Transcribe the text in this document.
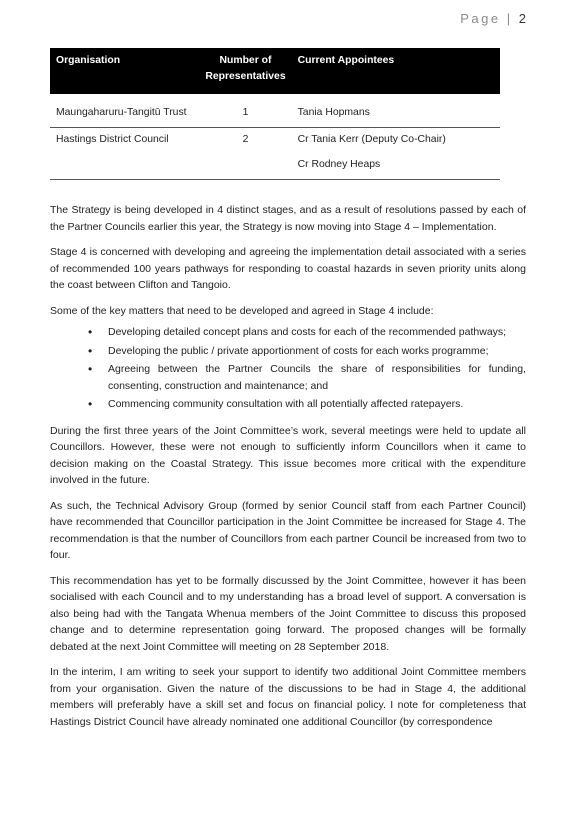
Page | 2
Organisation	Number of Representatives	Current Appointees
Maungaharuru-Tangitū Trust	1	Tania Hopmans
Hastings District Council	2	Cr Tania Kerr (Deputy Co-Chair)
Cr Rodney Heaps

The Strategy is being developed in 4 distinct stages, and as a result of resolutions passed by each of the Partner Councils earlier this year, the Strategy is now moving into Stage 4 – Implementation.

Stage 4 is concerned with developing and agreeing the implementation detail associated with a series of recommended 100 years pathways for responding to coastal hazards in seven priority units along the coast between Clifton and Tangoio.

Some of the key matters that need to be developed and agreed in Stage 4 include:

• Developing detailed concept plans and costs for each of the recommended pathways;
• Developing the public / private apportionment of costs for each works programme;
• Agreeing between the Partner Councils the share of responsibilities for funding, consenting, construction and maintenance; and
• Commencing community consultation with all potentially affected ratepayers.

During the first three years of the Joint Committee’s work, several meetings were held to update all Councillors. However, these were not enough to sufficiently inform Councillors when it came to decision making on the Coastal Strategy. This issue becomes more critical with the expenditure involved in the future.

As such, the Technical Advisory Group (formed by senior Council staff from each Partner Council) have recommended that Councillor participation in the Joint Committee be increased for Stage 4. The recommendation is that the number of Councillors from each partner Council be increased from two to four.

This recommendation has yet to be formally discussed by the Joint Committee, however it has been socialised with each Council and to my understanding has a broad level of support. A conversation is also being had with the Tangata Whenua members of the Joint Committee to discuss this proposed change and to determine representation going forward. The proposed changes will be formally debated at the next Joint Committee will meeting on 28 September 2018.

In the interim, I am writing to seek your support to identify two additional Joint Committee members from your organisation. Given the nature of the discussions to be had in Stage 4, the additional members will preferably have a skill set and focus on financial policy. I note for completeness that Hastings District Council have already nominated one additional Councillor (by correspondence
